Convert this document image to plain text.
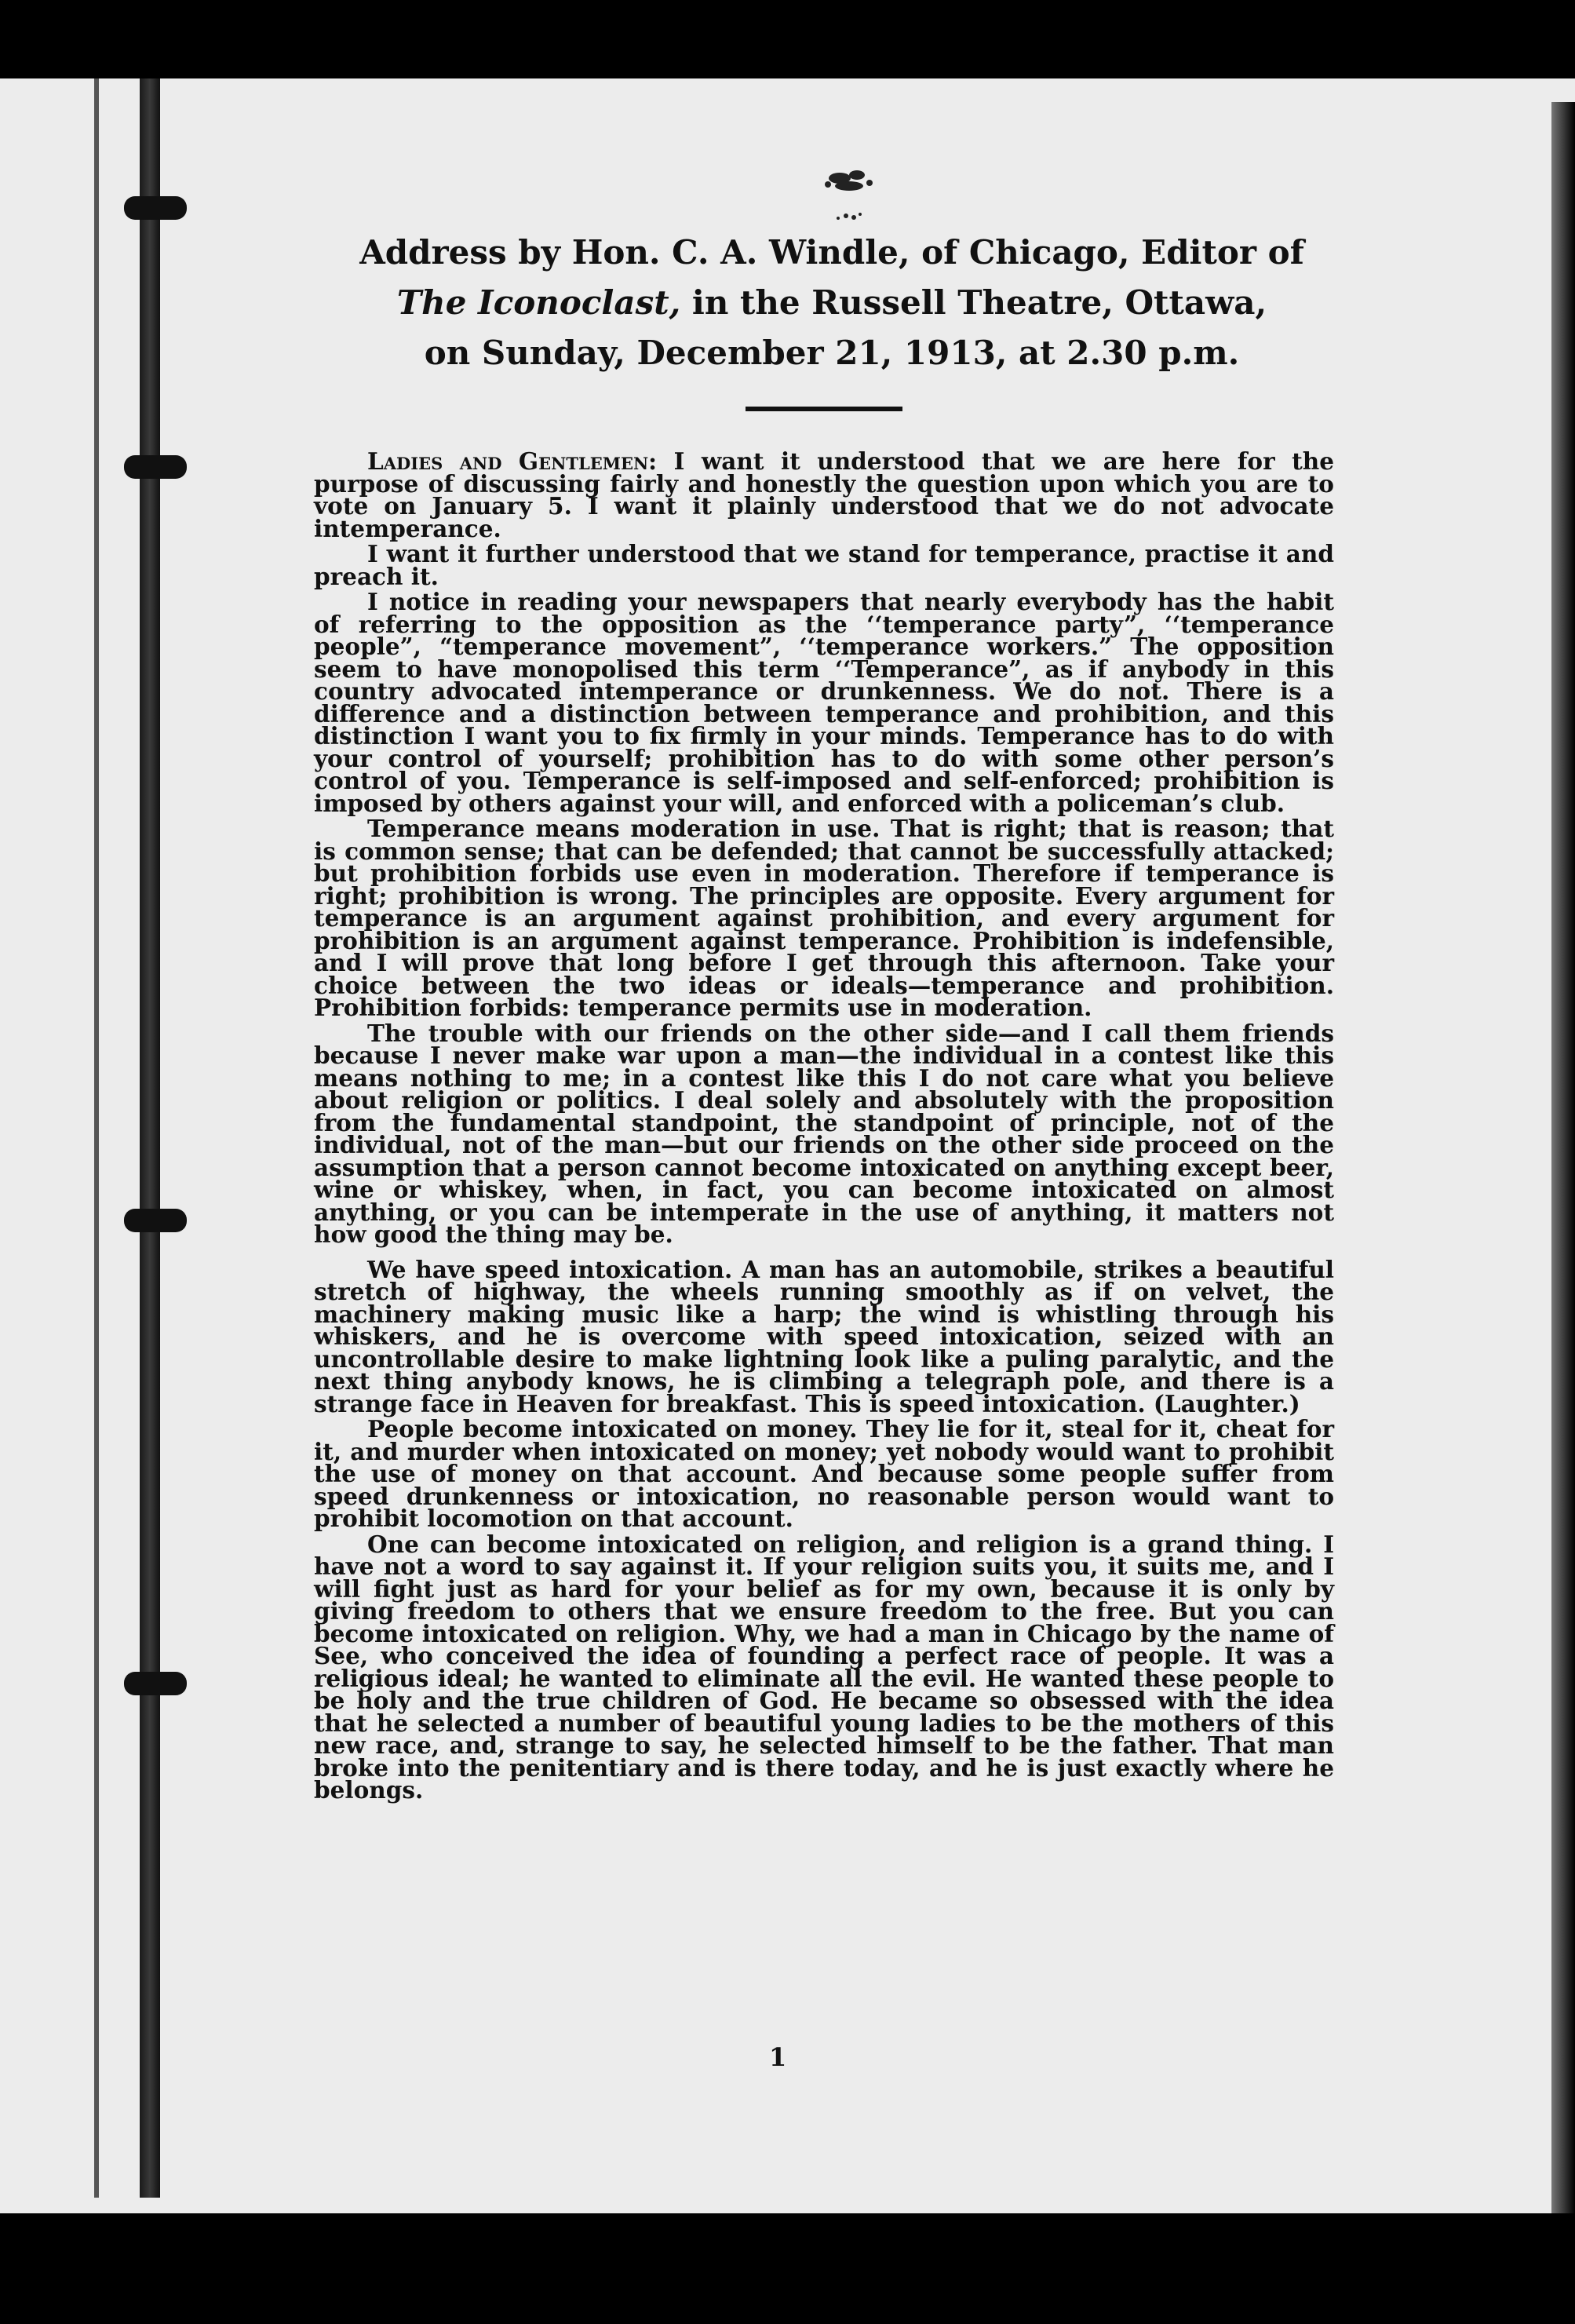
Address by Hon. C. A. Windle, of Chicago, Editor of
The Iconoclast, in the Russell Theatre, Ottawa,
on Sunday, December 21, 1913, at 2.30 p.m.

Ladies and Gentlemen: I want it understood that we are here for the purpose of discussing fairly and honestly the question upon which you are to vote on January 5. I want it plainly understood that we do not advocate intemperance.

I want it further understood that we stand for temperance, practise it and preach it.

I notice in reading your newspapers that nearly everybody has the habit of referring to the opposition as the ‘‘temperance party”, ‘‘temperance people”, “temperance movement”, ‘‘temperance workers.” The opposition seem to have monopolised this term ‘‘Temperance”, as if anybody in this country advocated intemperance or drunkenness. We do not. There is a difference and a distinction between temperance and prohibition, and this distinction I want you to fix firmly in your minds. Temperance has to do with your control of yourself; prohibition has to do with some other person’s control of you. Temperance is self-imposed and self-enforced; prohibition is imposed by others against your will, and enforced with a policeman’s club.

Temperance means moderation in use. That is right; that is reason; that is common sense; that can be defended; that cannot be successfully attacked; but prohibition forbids use even in moderation. Therefore if temperance is right; prohibition is wrong. The principles are opposite. Every argument for temperance is an argument against prohibition, and every argument for prohibition is an argument against temperance. Prohibition is indefensible, and I will prove that long before I get through this afternoon. Take your choice between the two ideas or ideals—temperance and prohibition. Prohibition forbids: temperance permits use in moderation.

The trouble with our friends on the other side—and I call them friends because I never make war upon a man—the individual in a contest like this means nothing to me; in a contest like this I do not care what you believe about religion or politics. I deal solely and absolutely with the proposition from the fundamental standpoint, the standpoint of principle, not of the individual, not of the man—but our friends on the other side proceed on the assumption that a person cannot become intoxicated on anything except beer, wine or whiskey, when, in fact, you can become intoxicated on almost anything, or you can be intemperate in the use of anything, it matters not how good the thing may be.

We have speed intoxication. A man has an automobile, strikes a beautiful stretch of highway, the wheels running smoothly as if on velvet, the machinery making music like a harp; the wind is whistling through his whiskers, and he is overcome with speed intoxication, seized with an uncontrollable desire to make lightning look like a puling paralytic, and the next thing anybody knows, he is climbing a telegraph pole, and there is a strange face in Heaven for breakfast. This is speed intoxication. (Laughter.)

People become intoxicated on money. They lie for it, steal for it, cheat for it, and murder when intoxicated on money; yet nobody would want to prohibit the use of money on that account. And because some people suffer from speed drunkenness or intoxication, no reasonable person would want to prohibit locomotion on that account.

One can become intoxicated on religion, and religion is a grand thing. I have not a word to say against it. If your religion suits you, it suits me, and I will fight just as hard for your belief as for my own, because it is only by giving freedom to others that we ensure freedom to the free. But you can become intoxicated on religion. Why, we had a man in Chicago by the name of See, who conceived the idea of founding a perfect race of people. It was a religious ideal; he wanted to eliminate all the evil. He wanted these people to be holy and the true children of God. He became so obsessed with the idea that he selected a number of beautiful young ladies to be the mothers of this new race, and, strange to say, he selected himself to be the father. That man broke into the penitentiary and is there today, and he is just exactly where he belongs.

1
